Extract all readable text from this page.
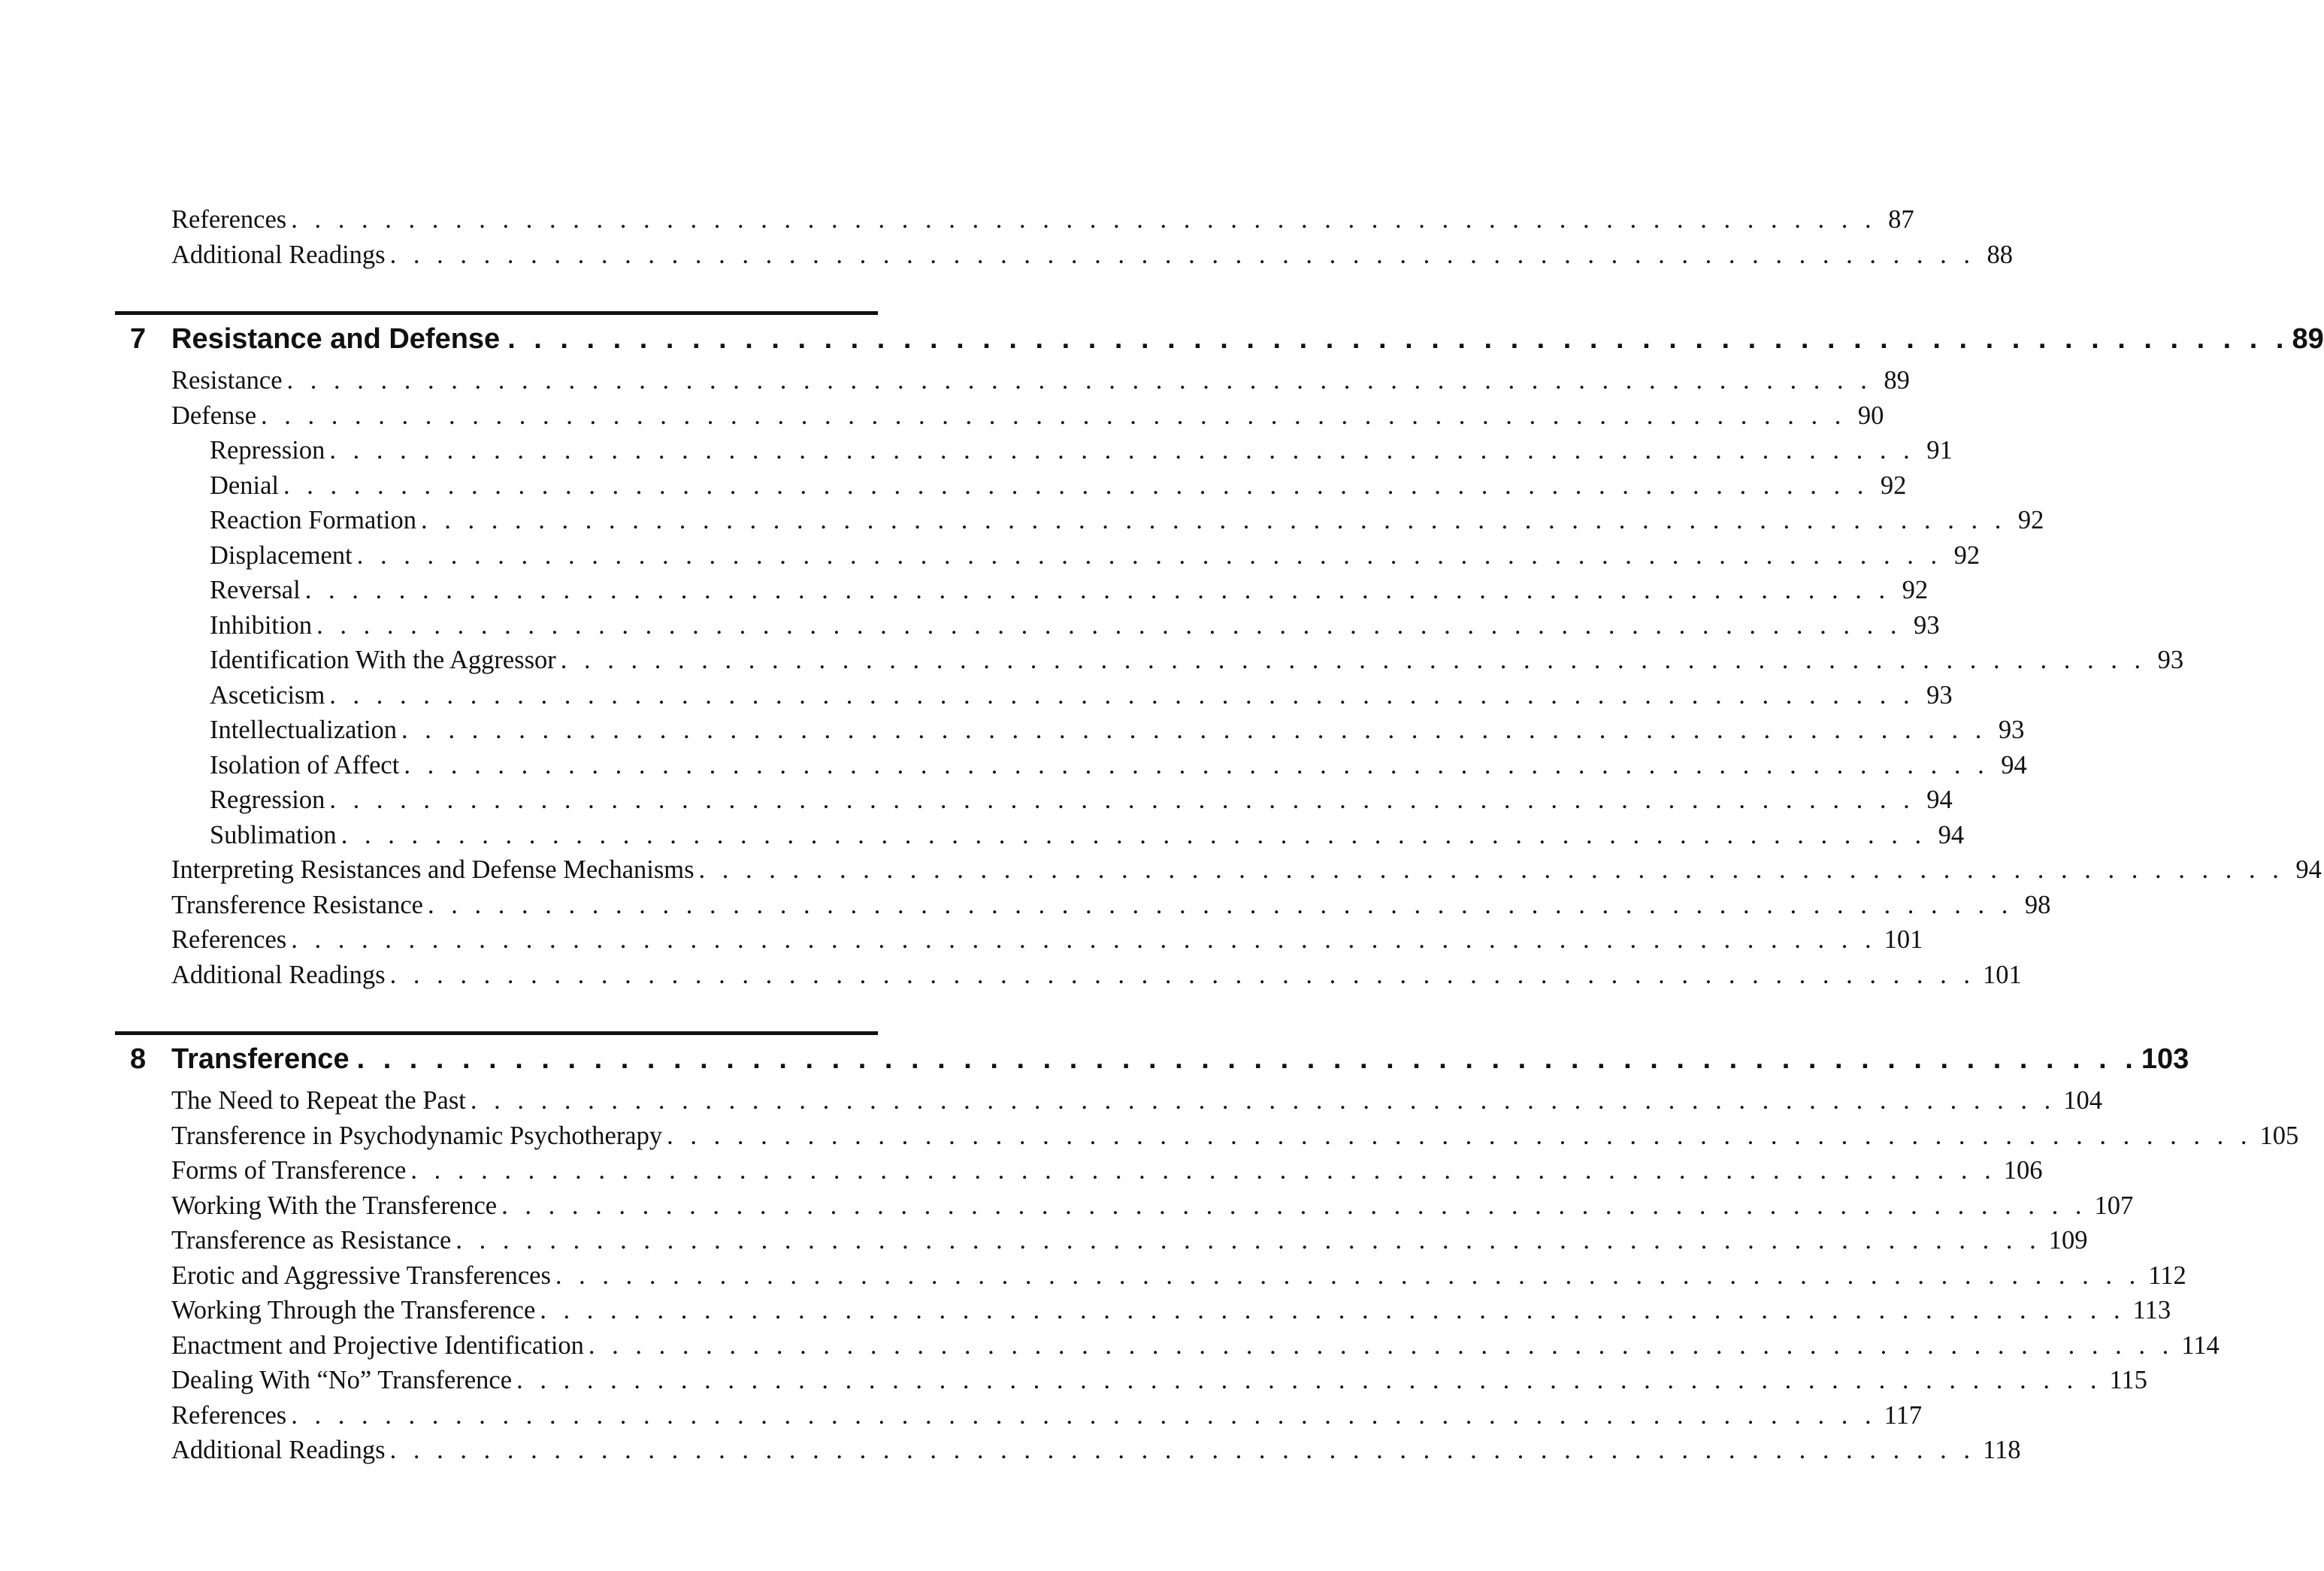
References . . . . . . . . . . . . . . . . . . . . . . . . . . . . . . . . . . . . . . . . . . . . . . . . . . . . . . . . . . . . . . . . . . . . 87
Additional Readings . . . . . . . . . . . . . . . . . . . . . . . . . . . . . . . . . . . . . . . . . . . . . . . . . . . . . . . . . . . . . . . . . . . . 88
7 Resistance and Defense . . . . . . . . . . . . . . . . . . . . . . . . . . . . . . . . . . . . . . . . . . . . . . . . . . . . . . . . . . . . . . . . . . . . 89
Resistance . . . . . . . . . . . . . . . . . . . . . . . . . . . . . . . . . . . . . . . . . . . . . . . . . . . . . . . . . . . . . . . . . . . . 89
Defense . . . . . . . . . . . . . . . . . . . . . . . . . . . . . . . . . . . . . . . . . . . . . . . . . . . . . . . . . . . . . . . . . . . . 90
Repression . . . . . . . . . . . . . . . . . . . . . . . . . . . . . . . . . . . . . . . . . . . . . . . . . . . . . . . . . . . . . . . . . . . . 91
Denial . . . . . . . . . . . . . . . . . . . . . . . . . . . . . . . . . . . . . . . . . . . . . . . . . . . . . . . . . . . . . . . . . . . . 92
Reaction Formation . . . . . . . . . . . . . . . . . . . . . . . . . . . . . . . . . . . . . . . . . . . . . . . . . . . . . . . . . . . . . . . . . . . . 92
Displacement . . . . . . . . . . . . . . . . . . . . . . . . . . . . . . . . . . . . . . . . . . . . . . . . . . . . . . . . . . . . . . . . . . . . 92
Reversal . . . . . . . . . . . . . . . . . . . . . . . . . . . . . . . . . . . . . . . . . . . . . . . . . . . . . . . . . . . . . . . . . . . . 92
Inhibition . . . . . . . . . . . . . . . . . . . . . . . . . . . . . . . . . . . . . . . . . . . . . . . . . . . . . . . . . . . . . . . . . . . . 93
Identification With the Aggressor . . . . . . . . . . . . . . . . . . . . . . . . . . . . . . . . . . . . . . . . . . . . . . . . . . . . . . . . . . . . . . . . . . . . 93
Asceticism . . . . . . . . . . . . . . . . . . . . . . . . . . . . . . . . . . . . . . . . . . . . . . . . . . . . . . . . . . . . . . . . . . . . 93
Intellectualization . . . . . . . . . . . . . . . . . . . . . . . . . . . . . . . . . . . . . . . . . . . . . . . . . . . . . . . . . . . . . . . . . . . . 93
Isolation of Affect . . . . . . . . . . . . . . . . . . . . . . . . . . . . . . . . . . . . . . . . . . . . . . . . . . . . . . . . . . . . . . . . . . . . 94
Regression . . . . . . . . . . . . . . . . . . . . . . . . . . . . . . . . . . . . . . . . . . . . . . . . . . . . . . . . . . . . . . . . . . . . 94
Sublimation . . . . . . . . . . . . . . . . . . . . . . . . . . . . . . . . . . . . . . . . . . . . . . . . . . . . . . . . . . . . . . . . . . . . 94
Interpreting Resistances and Defense Mechanisms . . . . . . . . . . . . . . . . . . . . . . . . . . . . . . . . . . . . . . . . . . . . . . . . . . . . . . . . . . . . . . . . . . . . 94
Transference Resistance . . . . . . . . . . . . . . . . . . . . . . . . . . . . . . . . . . . . . . . . . . . . . . . . . . . . . . . . . . . . . . . . . . . . 98
References . . . . . . . . . . . . . . . . . . . . . . . . . . . . . . . . . . . . . . . . . . . . . . . . . . . . . . . . . . . . . . . . . . . . 101
Additional Readings . . . . . . . . . . . . . . . . . . . . . . . . . . . . . . . . . . . . . . . . . . . . . . . . . . . . . . . . . . . . . . . . . . . . 101
8 Transference . . . . . . . . . . . . . . . . . . . . . . . . . . . . . . . . . . . . . . . . . . . . . . . . . . . . . . . . . . . . . . . . . . . . 103
The Need to Repeat the Past . . . . . . . . . . . . . . . . . . . . . . . . . . . . . . . . . . . . . . . . . . . . . . . . . . . . . . . . . . . . . . . . . . . . 104
Transference in Psychodynamic Psychotherapy . . . . . . . . . . . . . . . . . . . . . . . . . . . . . . . . . . . . . . . . . . . . . . . . . . . . . . . . . . . . . . . . . . . . 105
Forms of Transference . . . . . . . . . . . . . . . . . . . . . . . . . . . . . . . . . . . . . . . . . . . . . . . . . . . . . . . . . . . . . . . . . . . . 106
Working With the Transference . . . . . . . . . . . . . . . . . . . . . . . . . . . . . . . . . . . . . . . . . . . . . . . . . . . . . . . . . . . . . . . . . . . . 107
Transference as Resistance . . . . . . . . . . . . . . . . . . . . . . . . . . . . . . . . . . . . . . . . . . . . . . . . . . . . . . . . . . . . . . . . . . . . 109
Erotic and Aggressive Transferences . . . . . . . . . . . . . . . . . . . . . . . . . . . . . . . . . . . . . . . . . . . . . . . . . . . . . . . . . . . . . . . . . . . . 112
Working Through the Transference . . . . . . . . . . . . . . . . . . . . . . . . . . . . . . . . . . . . . . . . . . . . . . . . . . . . . . . . . . . . . . . . . . . . 113
Enactment and Projective Identification . . . . . . . . . . . . . . . . . . . . . . . . . . . . . . . . . . . . . . . . . . . . . . . . . . . . . . . . . . . . . . . . . . . . 114
Dealing With “No” Transference . . . . . . . . . . . . . . . . . . . . . . . . . . . . . . . . . . . . . . . . . . . . . . . . . . . . . . . . . . . . . . . . . . . . 115
References . . . . . . . . . . . . . . . . . . . . . . . . . . . . . . . . . . . . . . . . . . . . . . . . . . . . . . . . . . . . . . . . . . . . 117
Additional Readings . . . . . . . . . . . . . . . . . . . . . . . . . . . . . . . . . . . . . . . . . . . . . . . . . . . . . . . . . . . . . . . . . . . . 118
